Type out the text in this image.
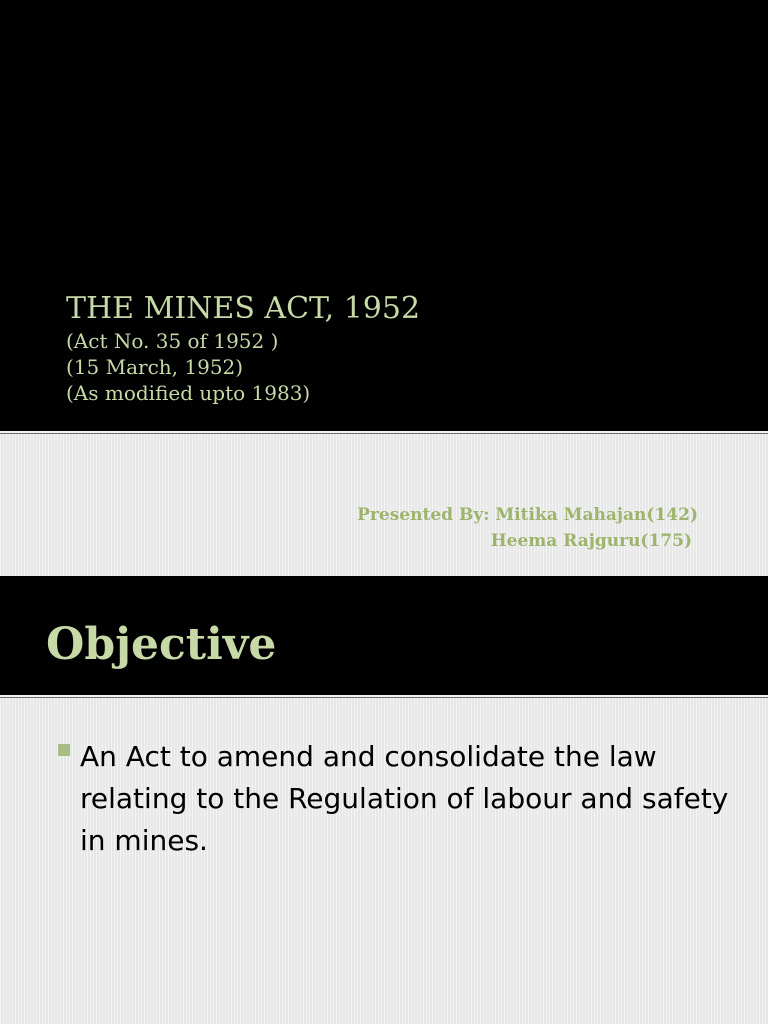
THE MINES ACT, 1952
(Act No. 35 of 1952 )
(15 March, 1952)
(As modified upto 1983)
Presented By: Mitika Mahajan(142)
Heema Rajguru(175)
Objective
An Act to amend and consolidate the law relating to the Regulation of labour and safety in mines.
